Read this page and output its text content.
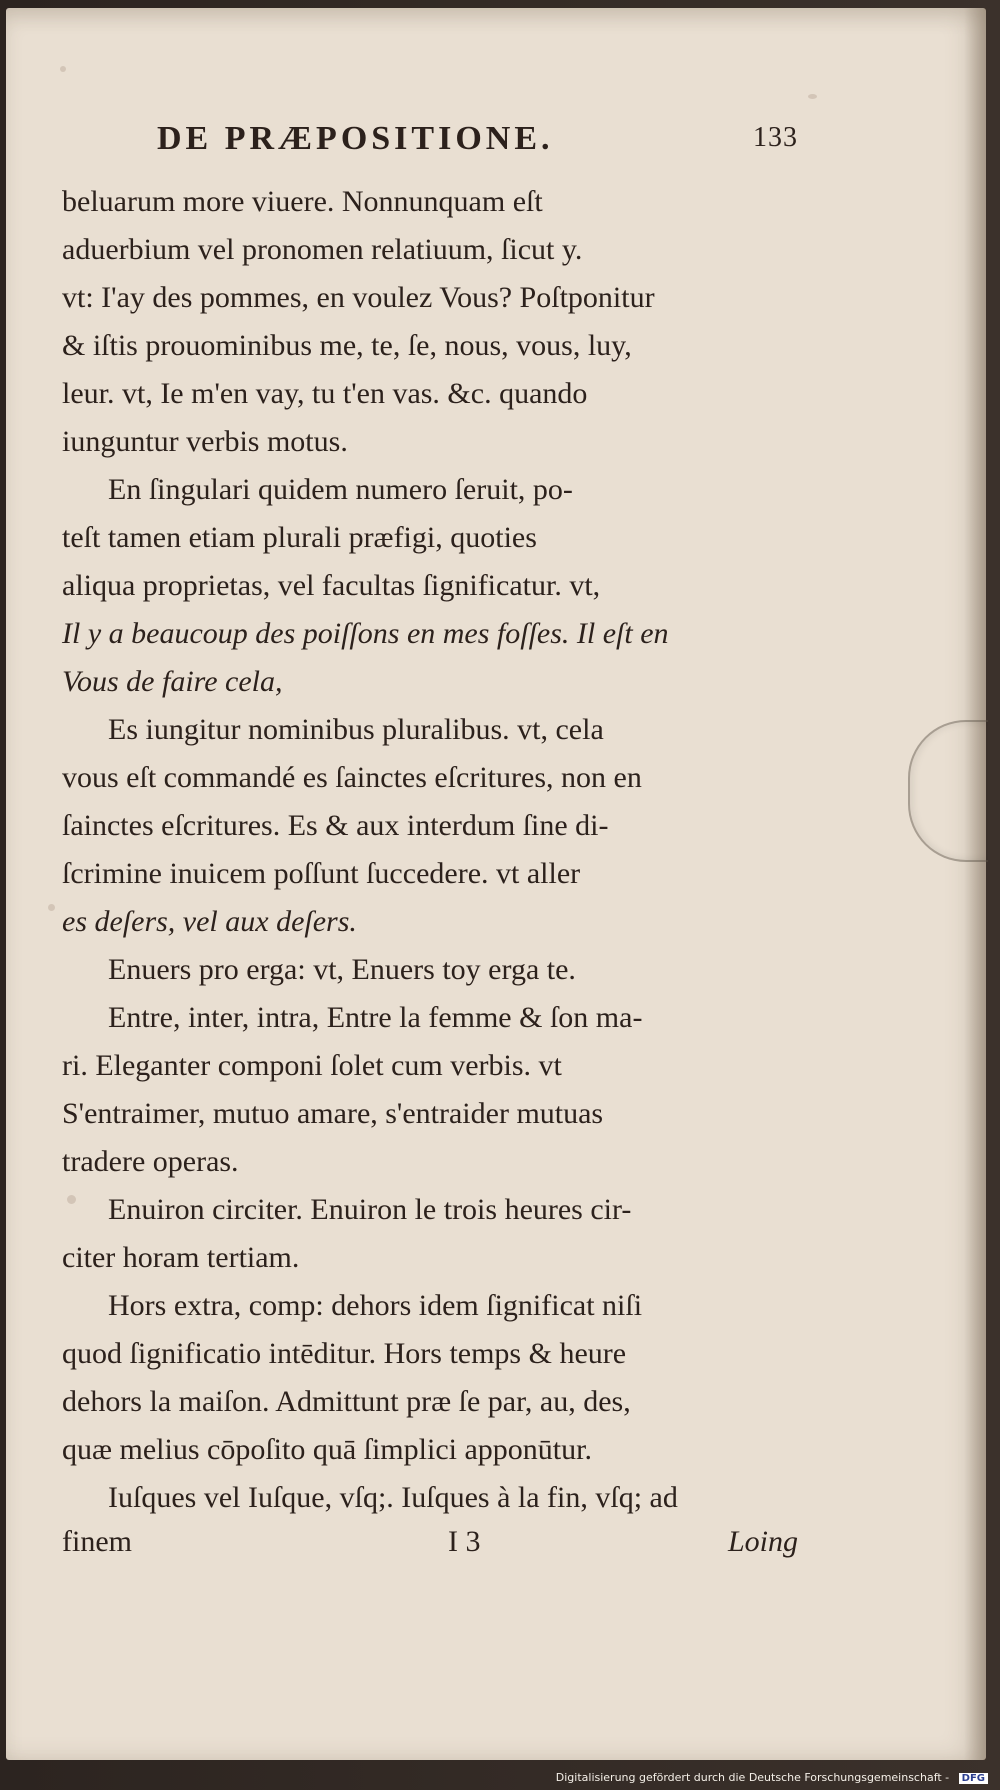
DE PRÆPOSITIONE.	133
beluarum more viuere. Nonnunquam eſt
aduerbium vel pronomen relatiuum, ſicut y.
vt: I'ay des pommes, en voulez Vous? Poſtponitur
& iſtis prouominibus me, te, ſe, nous, vous, luy,
leur. vt, Ie m'en vay, tu t'en vas. &c. quando
iunguntur verbis motus.
En ſingulari quidem numero ſeruit, po-
teſt tamen etiam plurali præfigi, quoties
aliqua proprietas, vel facultas ſignificatur. vt,
Il y a beaucoup des poiſſons en mes foſſes. Il eſt en
Vous de faire cela,
Es iungitur nominibus pluralibus. vt, cela
vous eſt commandé es ſainctes eſcritures, non en
ſainctes eſcritures. Es & aux interdum ſine di-
ſcrimine inuicem poſſunt ſuccedere. vt aller
es deſers, vel aux deſers.
Enuers pro erga: vt, Enuers toy erga te.
Entre, inter, intra, Entre la femme & ſon ma-
ri. Eleganter componi ſolet cum verbis. vt
S'entraimer, mutuo amare, s'entraider mutuas
tradere operas.
Enuiron circiter. Enuiron le trois heures cir-
citer horam tertiam.
Hors extra, comp: dehors idem ſignificat niſi
quod ſignificatio intēditur. Hors temps & heure
dehors la maiſon. Admittunt præ ſe par, au, des,
quæ melius cōpoſito quā ſimplici apponūtur.
Iuſques vel Iuſque, vſq;. Iuſques à la fin, vſq; ad
finem	I 3	Loing
Digitalisierung gefördert durch die Deutsche Forschungsgemeinschaft - DFG
